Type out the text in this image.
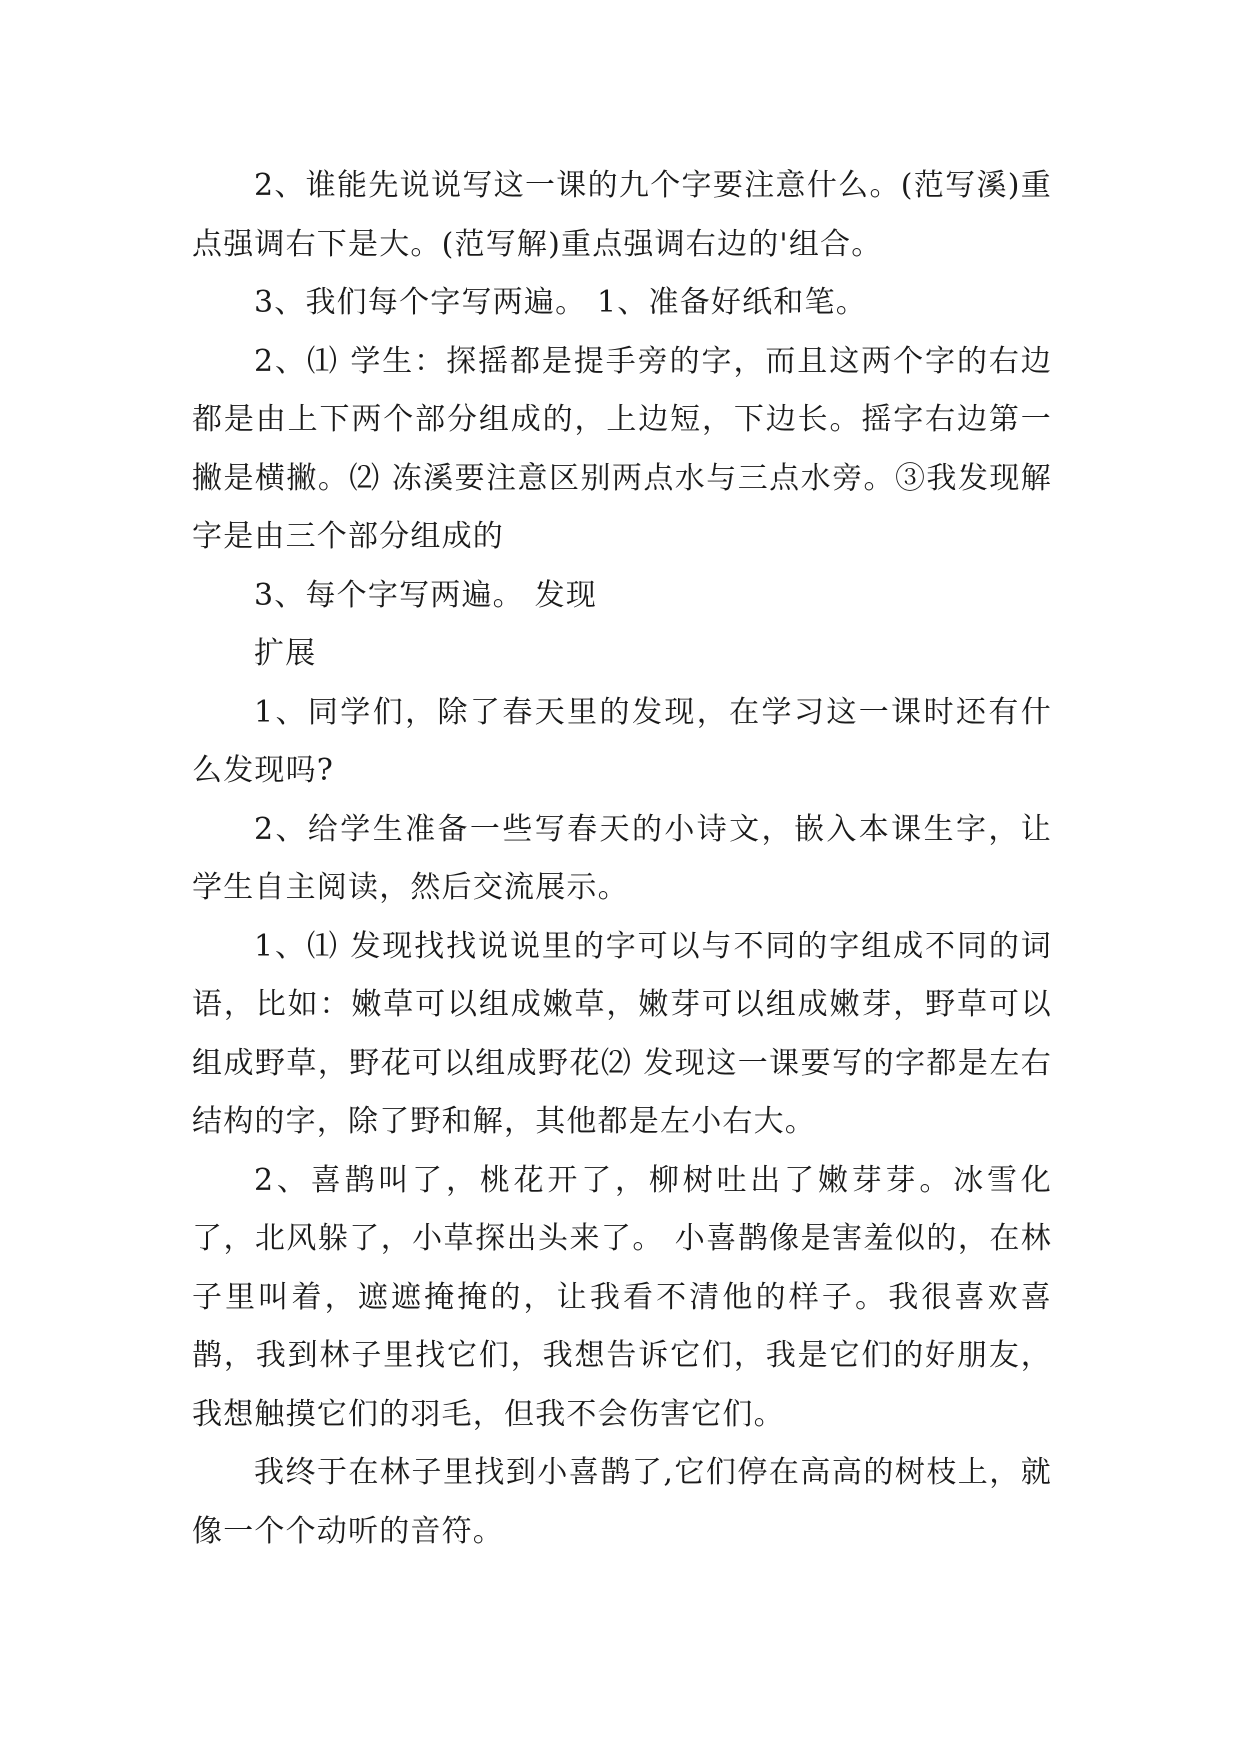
2、谁能先说说写这一课的九个字要注意什么。(范写溪)重点强调右下是大。(范写解)重点强调右边的'组合。

3、我们每个字写两遍。 1、准备好纸和笔。

2、⑴ 学生：探摇都是提手旁的字，而且这两个字的右边都是由上下两个部分组成的，上边短，下边长。摇字右边第一撇是横撇。⑵ 冻溪要注意区别两点水与三点水旁。③我发现解字是由三个部分组成的

3、每个字写两遍。 发现

扩展

1、同学们，除了春天里的发现，在学习这一课时还有什么发现吗?

2、给学生准备一些写春天的小诗文，嵌入本课生字，让学生自主阅读，然后交流展示。

1、⑴ 发现找找说说里的字可以与不同的字组成不同的词语，比如：嫩草可以组成嫩草，嫩芽可以组成嫩芽，野草可以组成野草，野花可以组成野花⑵ 发现这一课要写的字都是左右结构的字，除了野和解，其他都是左小右大。

2、喜鹊叫了，桃花开了，柳树吐出了嫩芽芽。冰雪化了，北风躲了，小草探出头来了。 小喜鹊像是害羞似的，在林子里叫着，遮遮掩掩的，让我看不清他的样子。我很喜欢喜鹊，我到林子里找它们，我想告诉它们，我是它们的好朋友，我想触摸它们的羽毛，但我不会伤害它们。

我终于在林子里找到小喜鹊了,它们停在高高的树枝上，就像一个个动听的音符。
